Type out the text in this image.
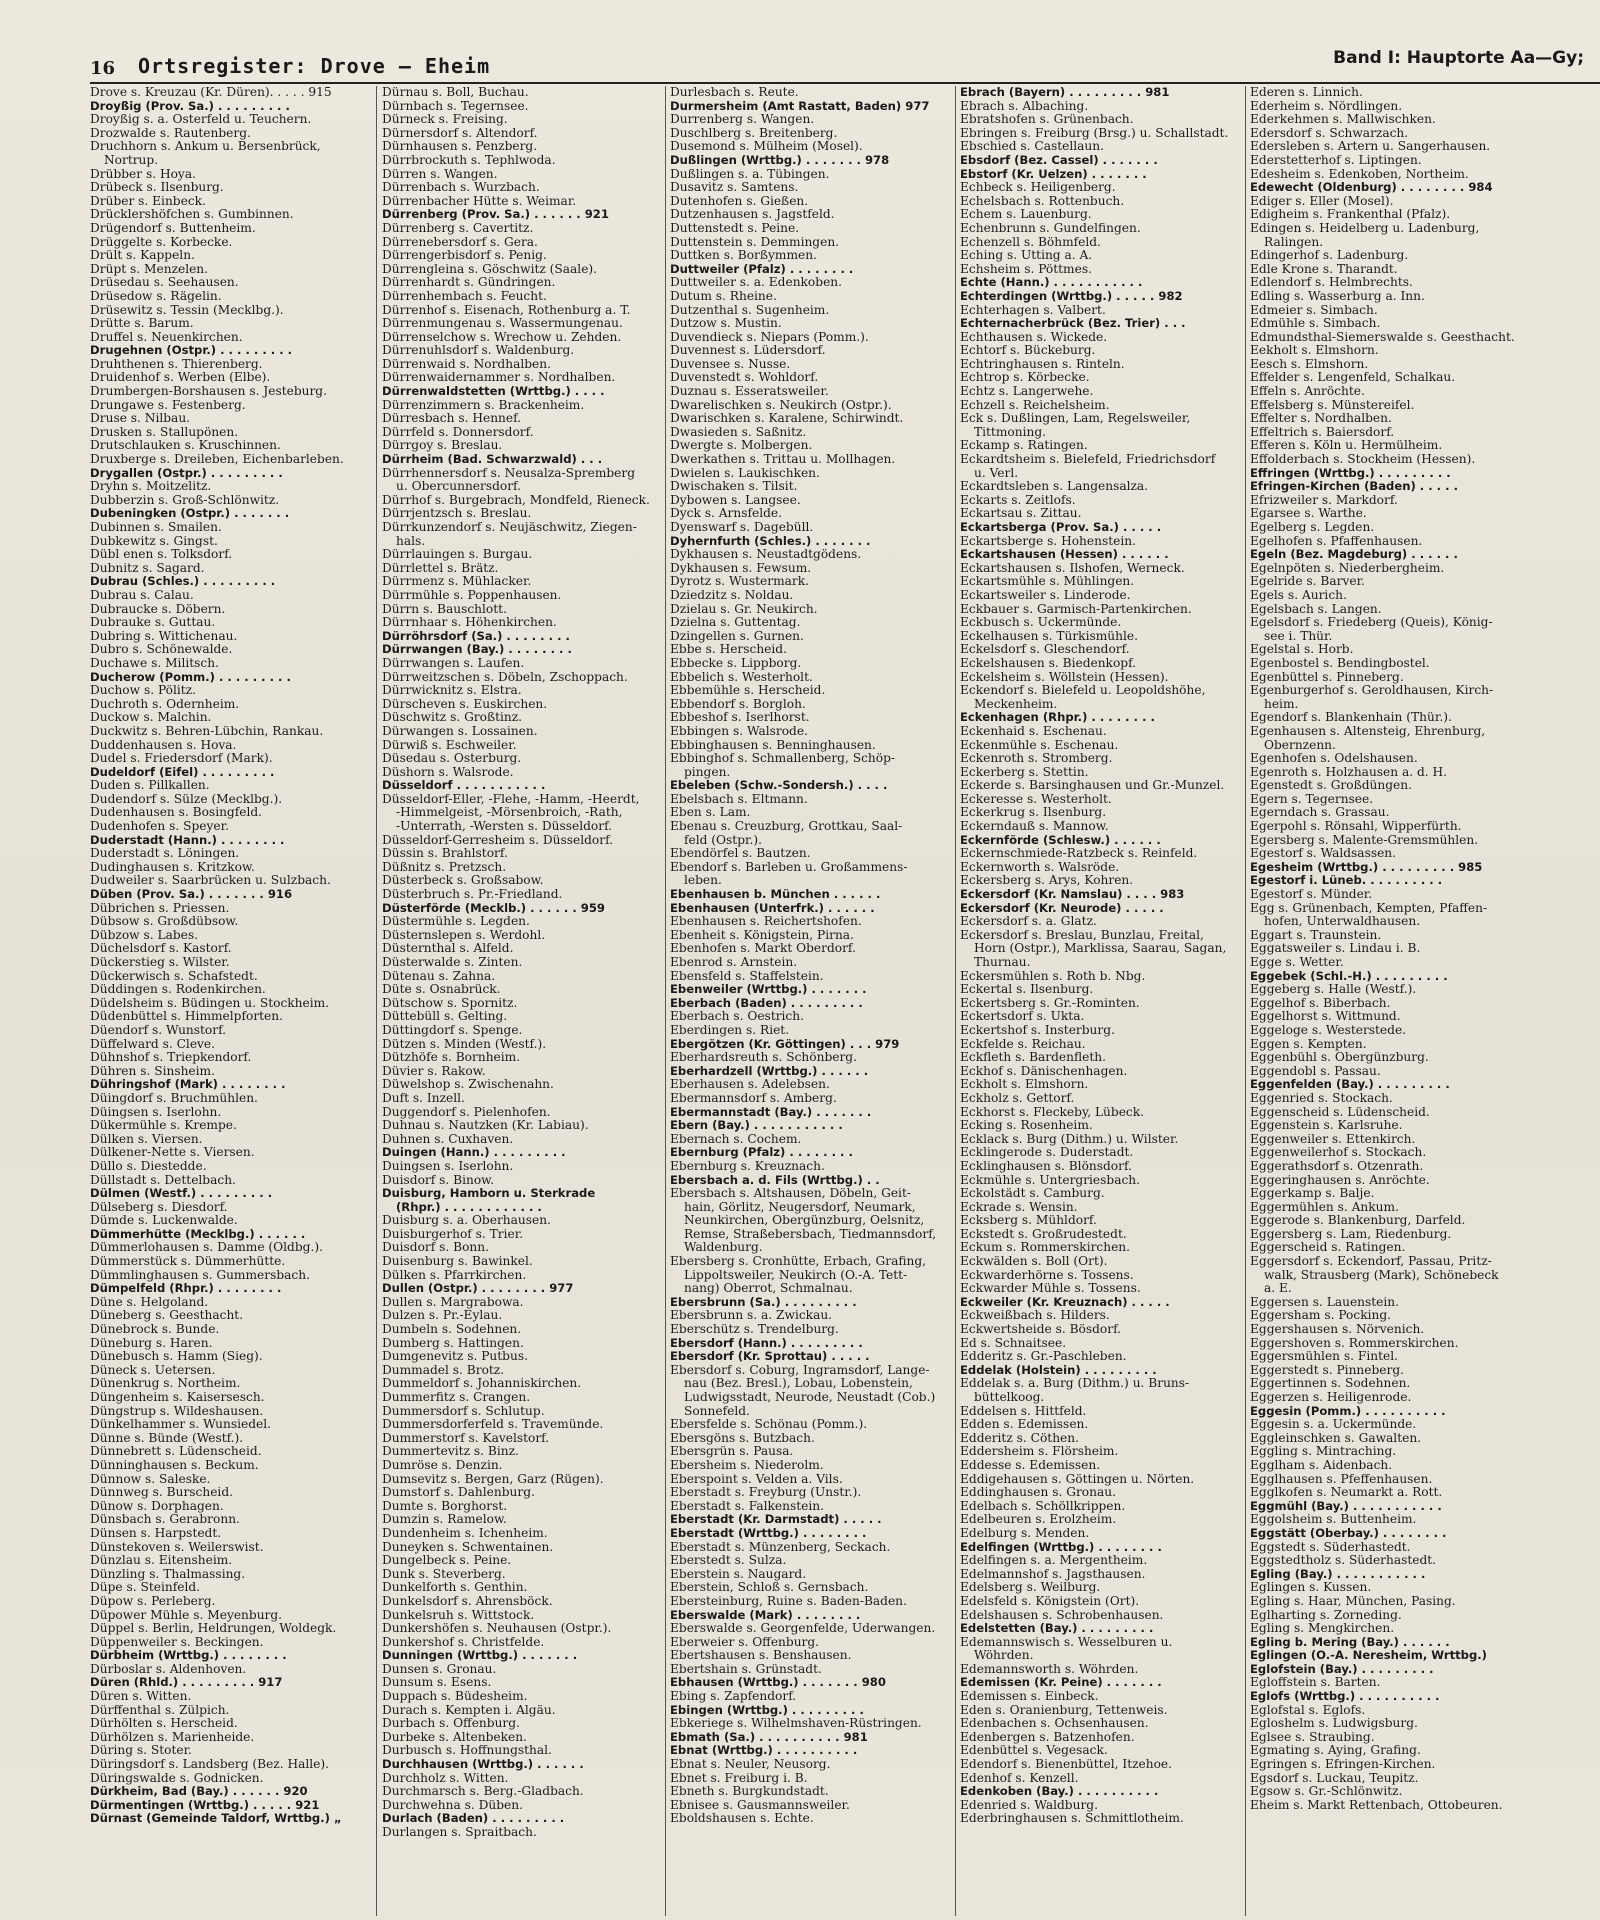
16 Ortsregister: Drove — Eheim	Band I: Hauptorte Aa—Gy;
Drove s. Kreuzau (Kr. Düren). . . . . 915
Droyßig (Prov. Sa.) . . . . . . . . .
Droyßig s. a. Osterfeld u. Teuchern.
Drozwalde s. Rautenberg.
Druchhorn s. Ankum u. Bersenbrück,
Nortrup.
Drübber s. Hoya.
Drübeck s. Ilsenburg.
Drüber s. Einbeck.
Drücklershöfchen s. Gumbinnen.
Drügendorf s. Buttenheim.
Drüggelte s. Korbecke.
Drült s. Kappeln.
Drüpt s. Menzelen.
Drüsedau s. Seehausen.
Drüsedow s. Rägelin.
Drüsewitz s. Tessin (Mecklbg.).
Drütte s. Barum.
Druffel s. Neuenkirchen.
Drugehnen (Ostpr.) . . . . . . . . .
Druhthenen s. Thierenberg.
Druidenhof s. Werben (Elbe).
Drumbergen-Borshausen s. Jesteburg.
Drungawe s. Festenberg.
Druse s. Nilbau.
Drusken s. Stallupönen.
Drutschlauken s. Kruschinnen.
Druxberge s. Dreileben, Eichenbarleben.
Drygallen (Ostpr.) . . . . . . . . .
Dryhn s. Moitzelitz.
Dubberzin s. Groß-Schlönwitz.
Dubeningken (Ostpr.) . . . . . . .
Dubinnen s. Smailen.
Dubkewitz s. Gingst.
Dübl enen s. Tolksdorf.
Dubnitz s. Sagard.
Dubrau (Schles.) . . . . . . . . .
Dubrau s. Calau.
Dubraucke s. Döbern.
Dubrauke s. Guttau.
Dubring s. Wittichenau.
Dubro s. Schönewalde.
Duchawe s. Militsch.
Ducherow (Pomm.) . . . . . . . . .
Duchow s. Pölitz.
Duchroth s. Odernheim.
Duckow s. Malchin.
Duckwitz s. Behren-Lübchin, Rankau.
Duddenhausen s. Hova.
Dudel s. Friedersdorf (Mark).
Dudeldorf (Eifel) . . . . . . . . .
Duden s. Pillkallen.
Dudendorf s. Sülze (Mecklbg.).
Dudenhausen s. Bosingfeld.
Dudenhofen s. Speyer.
Duderstadt (Hann.) . . . . . . . .
Duderstadt s. Löningen.
Dudinghausen s. Kritzkow.
Dudweiler s. Saarbrücken u. Sulzbach.
Düben (Prov. Sa.) . . . . . . . 916
Dübrichen s. Priessen.
Dübsow s. Großdübsow.
Dübzow s. Labes.
Düchelsdorf s. Kastorf.
Dückerstieg s. Wilster.
Dückerwisch s. Schafstedt.
Düddingen s. Rodenkirchen.
Düdelsheim s. Büdingen u. Stockheim.
Düdenbüttel s. Himmelpforten.
Düendorf s. Wunstorf.
Düffelward s. Cleve.
Dühnshof s. Triepkendorf.
Dühren s. Sinsheim.
Dühringshof (Mark) . . . . . . . .
Düingdorf s. Bruchmühlen.
Düingsen s. Iserlohn.
Dükermühle s. Krempe.
Dülken s. Viersen.
Dülkener-Nette s. Viersen.
Düllo s. Diestedde.
Düllstadt s. Dettelbach.
Dülmen (Westf.) . . . . . . . . .
Dülseberg s. Diesdorf.
Dümde s. Luckenwalde.
Dümmerhütte (Mecklbg.) . . . . . .
Dümmerlohausen s. Damme (Oldbg.).
Dümmerstück s. Dümmerhütte.
Dümmlinghausen s. Gummersbach.
Dümpelfeld (Rhpr.) . . . . . . . .
Düne s. Helgoland.
Düneberg s. Geesthacht.
Dünebrock s. Bunde.
Düneburg s. Haren.
Dünebusch s. Hamm (Sieg).
Düneck s. Uetersen.
Dünenkrug s. Northeim.
Düngenheim s. Kaisersesch.
Düngstrup s. Wildeshausen.
Dünkelhammer s. Wunsiedel.
Dünne s. Bünde (Westf.).
Dünnebrett s. Lüdenscheid.
Dünninghausen s. Beckum.
Dünnow s. Saleske.
Dünnweg s. Burscheid.
Dünow s. Dorphagen.
Dünsbach s. Gerabronn.
Dünsen s. Harpstedt.
Dünstekoven s. Weilerswist.
Dünzlau s. Eitensheim.
Dünzling s. Thalmassing.
Düpe s. Steinfeld.
Düpow s. Perleberg.
Düpower Mühle s. Meyenburg.
Düppel s. Berlin, Heldrungen, Woldegk.
Düppenweiler s. Beckingen.
Dürbheim (Wrttbg.) . . . . . . . .
Dürboslar s. Aldenhoven.
Düren (Rhld.) . . . . . . . . . 917
Düren s. Witten.
Dürffenthal s. Zülpich.
Dürhölten s. Herscheid.
Dürhölzen s. Marienheide.
Düring s. Stoter.
Düringsdorf s. Landsberg (Bez. Halle).
Düringswalde s. Godnicken.
Dürkheim, Bad (Bay.) . . . . . . 920
Dürmentingen (Wrttbg.) . . . . . 921
Dürnast (Gemeinde Taldorf, Wrttbg.) „
Dürnau s. Boll, Buchau.
Dürnbach s. Tegernsee.
Dürneck s. Freising.
Dürnersdorf s. Altendorf.
Dürnhausen s. Penzberg.
Dürrbrockuth s. Tephlwoda.
Dürren s. Wangen.
Dürrenbach s. Wurzbach.
Dürrenbacher Hütte s. Weimar.
Dürrenberg (Prov. Sa.) . . . . . . 921
Dürrenberg s. Cavertitz.
Dürrenebersdorf s. Gera.
Dürrengerbisdorf s. Penig.
Dürrengleina s. Göschwitz (Saale).
Dürrenhardt s. Gündringen.
Dürrenhembach s. Feucht.
Dürrenhof s. Eisenach, Rothenburg a. T.
Dürrenmungenau s. Wassermungenau.
Dürrenselchow s. Wrechow u. Zehden.
Dürrenuhlsdorf s. Waldenburg.
Dürrenwaid s. Nordhalben.
Dürrenwaidernammer s. Nordhalben.
Dürrenwaldstetten (Wrttbg.) . . . .
Dürrenzimmern s. Brackenheim.
Dürresbach s. Hennef.
Dürrfeld s. Donnersdorf.
Dürrgoy s. Breslau.
Dürrheim (Bad. Schwarzwald) . . .
Dürrhennersdorf s. Neusalza-Spremberg
u. Obercunnersdorf.
Dürrhof s. Burgebrach, Mondfeld, Rieneck.
Dürrjentzsch s. Breslau.
Dürrkunzendorf s. Neujäschwitz, Ziegen-
hals.
Dürrlauingen s. Burgau.
Dürrlettel s. Brätz.
Dürrmenz s. Mühlacker.
Dürrmühle s. Poppenhausen.
Dürrn s. Bauschlott.
Dürrnhaar s. Höhenkirchen.
Dürröhrsdorf (Sa.) . . . . . . . .
Dürrwangen (Bay.) . . . . . . . .
Dürrwangen s. Laufen.
Dürrweitzschen s. Döbeln, Zschoppach.
Dürrwicknitz s. Elstra.
Dürscheven s. Euskirchen.
Düschwitz s. Großtinz.
Dürwangen s. Lossainen.
Dürwiß s. Eschweiler.
Düsedau s. Osterburg.
Düshorn s. Walsrode.
Düsseldorf . . . . . . . . . . .
Düsseldorf-Eller, -Flehe, -Hamm, -Heerdt,
-Himmelgeist, -Mörsenbroich, -Rath,
-Unterrath, -Wersten s. Düsseldorf.
Düsseldorf-Gerresheim s. Düsseldorf.
Düssin s. Brahlstorf.
Düßnitz s. Pretzsch.
Düsterbeck s. Großsabow.
Düsterbruch s. Pr.-Friedland.
Düsterförde (Mecklb.) . . . . . . 959
Düstermühle s. Legden.
Düsternslepen s. Werdohl.
Düsternthal s. Alfeld.
Düsterwalde s. Zinten.
Dütenau s. Zahna.
Düte s. Osnabrück.
Dütschow s. Spornitz.
Düttebüll s. Gelting.
Düttingdorf s. Spenge.
Dützen s. Minden (Westf.).
Dützhöfe s. Bornheim.
Düvier s. Rakow.
Düwelshop s. Zwischenahn.
Duft s. Inzell.
Duggendorf s. Pielenhofen.
Duhnau s. Nautzken (Kr. Labiau).
Duhnen s. Cuxhaven.
Duingen (Hann.) . . . . . . . . .
Duingsen s. Iserlohn.
Duisdorf s. Binow.
Duisburg, Hamborn u. Sterkrade
(Rhpr.) . . . . . . . . . . . .
Duisburg s. a. Oberhausen.
Duisburgerhof s. Trier.
Duisdorf s. Bonn.
Duisenburg s. Bawinkel.
Dülken s. Pfarrkirchen.
Dullen (Ostpr.) . . . . . . . . 977
Dullen s. Margrabowa.
Dulzen s. Pr.-Eylau.
Dumbeln s. Sodehnen.
Dumberg s. Hattingen.
Dumgenevitz s. Putbus.
Dummadel s. Brotz.
Dummeldorf s. Johanniskirchen.
Dummerfitz s. Crangen.
Dummersdorf s. Schlutup.
Dummersdorferfeld s. Travemünde.
Dummerstorf s. Kavelstorf.
Dummertevitz s. Binz.
Dumröse s. Denzin.
Dumsevitz s. Bergen, Garz (Rügen).
Dumstorf s. Dahlenburg.
Dumte s. Borghorst.
Dumzin s. Ramelow.
Dundenheim s. Ichenheim.
Duneyken s. Schwentainen.
Dungelbeck s. Peine.
Dunk s. Steverberg.
Dunkelforth s. Genthin.
Dunkelsdorf s. Ahrensböck.
Dunkelsruh s. Wittstock.
Dunkershöfen s. Neuhausen (Ostpr.).
Dunkershof s. Christfelde.
Dunningen (Wrttbg.) . . . . . . .
Dunsen s. Gronau.
Dunsum s. Esens.
Duppach s. Büdesheim.
Durach s. Kempten i. Algäu.
Durbach s. Offenburg.
Durbeke s. Altenbeken.
Durbusch s. Hoffnungsthal.
Durchhausen (Wrttbg.) . . . . . .
Durchholz s. Witten.
Durchmarsch s. Berg.-Gladbach.
Durchwehna s. Düben.
Durlach (Baden) . . . . . . . . .
Durlangen s. Spraitbach.
Durlesbach s. Reute.
Durmersheim (Amt Rastatt, Baden) 977
Durrenberg s. Wangen.
Duschlberg s. Breitenberg.
Dusemond s. Mülheim (Mosel).
Dußlingen (Wrttbg.) . . . . . . . 978
Dußlingen s. a. Tübingen.
Dusavitz s. Samtens.
Dutenhofen s. Gießen.
Dutzenhausen s. Jagstfeld.
Duttenstedt s. Peine.
Duttenstein s. Demmingen.
Duttken s. Borßymmen.
Duttweiler (Pfalz) . . . . . . . .
Duttweiler s. a. Edenkoben.
Dutum s. Rheine.
Dutzenthal s. Sugenheim.
Dutzow s. Mustin.
Duvendieck s. Niepars (Pomm.).
Duvennest s. Lüdersdorf.
Duvensee s. Nusse.
Duvenstedt s. Wohldorf.
Duznau s. Esseratsweiler.
Dwarelischken s. Neukirch (Ostpr.).
Dwarischken s. Karalene, Schirwindt.
Dwasieden s. Saßnitz.
Dwergte s. Molbergen.
Dwerkathen s. Trittau u. Mollhagen.
Dwielen s. Laukischken.
Dwischaken s. Tilsit.
Dybowen s. Langsee.
Dyck s. Arnsfelde.
Dyenswarf s. Dagebüll.
Dyhernfurth (Schles.) . . . . . . .
Dykhausen s. Neustadtgödens.
Dykhausen s. Fewsum.
Dyrotz s. Wustermark.
Dziedzitz s. Noldau.
Dzielau s. Gr. Neukirch.
Dzielna s. Guttentag.
Dzingellen s. Gurnen.
Ebbe s. Herscheid.
Ebbecke s. Lippborg.
Ebbelich s. Westerholt.
Ebbemühle s. Herscheid.
Ebbendorf s. Borgloh.
Ebbeshof s. Iserlhorst.
Ebbingen s. Walsrode.
Ebbinghausen s. Benninghausen.
Ebbinghof s. Schmallenberg, Schöp-
pingen.
Ebeleben (Schw.-Sondersh.) . . . .
Ebelsbach s. Eltmann.
Eben s. Lam.
Ebenau s. Creuzburg, Grottkau, Saal-
feld (Ostpr.).
Ebendörfel s. Bautzen.
Ebendorf s. Barleben u. Großammens-
leben.
Ebenhausen b. München . . . . . .
Ebenhausen (Unterfrk.) . . . . . .
Ebenhausen s. Reichertshofen.
Ebenheit s. Königstein, Pirna.
Ebenhofen s. Markt Oberdorf.
Ebenrod s. Arnstein.
Ebensfeld s. Staffelstein.
Ebenweiler (Wrttbg.) . . . . . . .
Eberbach (Baden) . . . . . . . . .
Eberbach s. Oestrich.
Eberdingen s. Riet.
Ebergötzen (Kr. Göttingen) . . . 979
Eberhardsreuth s. Schönberg.
Eberhardzell (Wrttbg.) . . . . . .
Eberhausen s. Adelebsen.
Ebermannsdorf s. Amberg.
Ebermannstadt (Bay.) . . . . . . .
Ebern (Bay.) . . . . . . . . . . .
Ebernach s. Cochem.
Ebernburg (Pfalz) . . . . . . . .
Ebernburg s. Kreuznach.
Ebersbach a. d. Fils (Wrttbg.) . .
Ebersbach s. Altshausen, Döbeln, Geit-
hain, Görlitz, Neugersdorf, Neumark,
Neunkirchen, Obergünzburg, Oelsnitz,
Remse, Straßebersbach, Tiedmannsdorf,
Waldenburg.
Ebersberg s. Cronhütte, Erbach, Grafing,
Lippoltsweiler, Neukirch (O.-A. Tett-
nang) Oberrot, Schmalnau.
Ebersbrunn (Sa.) . . . . . . . . .
Ebersbrunn s. a. Zwickau.
Eberschütz s. Trendelburg.
Ebersdorf (Hann.) . . . . . . . . .
Ebersdorf (Kr. Sprottau) . . . . .
Ebersdorf s. Coburg, Ingramsdorf, Lange-
nau (Bez. Bresl.), Lobau, Lobenstein,
Ludwigsstadt, Neurode, Neustadt (Cob.)
Sonnefeld.
Ebersfelde s. Schönau (Pomm.).
Ebersgöns s. Butzbach.
Ebersgrün s. Pausa.
Ebersheim s. Niederolm.
Eberspoint s. Velden a. Vils.
Eberstadt s. Freyburg (Unstr.).
Eberstadt s. Falkenstein.
Eberstadt (Kr. Darmstadt) . . . . .
Eberstadt (Wrttbg.) . . . . . . . .
Eberstadt s. Münzenberg, Seckach.
Eberstedt s. Sulza.
Eberstein s. Naugard.
Eberstein, Schloß s. Gernsbach.
Ebersteinburg, Ruine s. Baden-Baden.
Eberswalde (Mark) . . . . . . . .
Eberswalde s. Georgenfelde, Uderwangen.
Eberweier s. Offenburg.
Ebertshausen s. Benshausen.
Ebertshain s. Grünstadt.
Ebhausen (Wrttbg.) . . . . . . . 980
Ebing s. Zapfendorf.
Ebingen (Wrttbg.) . . . . . . . . .
Ebkeriege s. Wilhelmshaven-Rüstringen.
Ebmath (Sa.) . . . . . . . . . . 981
Ebnat (Wrttbg.) . . . . . . . . . .
Ebnat s. Neuler, Neusorg.
Ebnet s. Freiburg i. B.
Ebneth s. Burgkundstadt.
Ebnisee s. Gausmannsweiler.
Eboldshausen s. Echte.
Ebrach (Bayern) . . . . . . . . . 981
Ebrach s. Albaching.
Ebratshofen s. Grünenbach.
Ebringen s. Freiburg (Brsg.) u. Schallstadt.
Ebschied s. Castellaun.
Ebsdorf (Bez. Cassel) . . . . . . .
Ebstorf (Kr. Uelzen) . . . . . . .
Echbeck s. Heiligenberg.
Echelsbach s. Rottenbuch.
Echem s. Lauenburg.
Echenbrunn s. Gundelfingen.
Echenzell s. Böhmfeld.
Eching s. Utting a. A.
Echsheim s. Pöttmes.
Echte (Hann.) . . . . . . . . . . .
Echterdingen (Wrttbg.) . . . . . 982
Echterhagen s. Valbert.
Echternacherbrück (Bez. Trier) . . .
Echthausen s. Wickede.
Echtorf s. Bückeburg.
Echtringhausen s. Rinteln.
Echtrop s. Körbecke.
Echtz s. Langerwehe.
Echzell s. Reichelsheim.
Eck s. Dußlingen, Lam, Regelsweiler,
Tittmoning.
Eckamp s. Ratingen.
Eckardtsheim s. Bielefeld, Friedrichsdorf
u. Verl.
Eckardtsleben s. Langensalza.
Eckarts s. Zeitlofs.
Eckartsau s. Zittau.
Eckartsberga (Prov. Sa.) . . . . .
Eckartsberge s. Hohenstein.
Eckartshausen (Hessen) . . . . . .
Eckartshausen s. Ilshofen, Werneck.
Eckartsmühle s. Mühlingen.
Eckartsweiler s. Linderode.
Eckbauer s. Garmisch-Partenkirchen.
Eckbusch s. Uckermünde.
Eckelhausen s. Türkismühle.
Eckelsdorf s. Gleschendorf.
Eckelshausen s. Biedenkopf.
Eckelsheim s. Wöllstein (Hessen).
Eckendorf s. Bielefeld u. Leopoldshöhe,
Meckenheim.
Eckenhagen (Rhpr.) . . . . . . . .
Eckenhaid s. Eschenau.
Eckenmühle s. Eschenau.
Eckenroth s. Stromberg.
Eckerberg s. Stettin.
Eckerde s. Barsinghausen und Gr.-Munzel.
Eckeresse s. Westerholt.
Eckerkrug s. Ilsenburg.
Eckerndauß s. Mannow.
Eckernförde (Schlesw.) . . . . . .
Eckernschmiede-Ratzbeck s. Reinfeld.
Eckernworth s. Walsröde.
Eckersberg s. Arys, Kohren.
Eckersdorf (Kr. Namslau) . . . . 983
Eckersdorf (Kr. Neurode) . . . . .
Eckersdorf s. a. Glatz.
Eckersdorf s. Breslau, Bunzlau, Freital,
Horn (Ostpr.), Marklissa, Saarau, Sagan,
Thurnau.
Eckersmühlen s. Roth b. Nbg.
Eckertal s. Ilsenburg.
Eckertsberg s. Gr.-Rominten.
Eckertsdorf s. Ukta.
Eckertshof s. Insterburg.
Eckfelde s. Reichau.
Eckfleth s. Bardenfleth.
Eckhof s. Dänischenhagen.
Eckholt s. Elmshorn.
Eckholz s. Gettorf.
Eckhorst s. Fleckeby, Lübeck.
Ecking s. Rosenheim.
Ecklack s. Burg (Dithm.) u. Wilster.
Ecklingerode s. Duderstadt.
Ecklinghausen s. Blönsdorf.
Eckmühle s. Untergriesbach.
Eckolstädt s. Camburg.
Eckrade s. Wensin.
Ecksberg s. Mühldorf.
Eckstedt s. Großrudestedt.
Eckum s. Rommerskirchen.
Eckwälden s. Boll (Ort).
Eckwarderhörne s. Tossens.
Eckwarder Mühle s. Tossens.
Eckweiler (Kr. Kreuznach) . . . . .
Eckweißbach s. Hilders.
Eckwertsheide s. Bösdorf.
Ed s. Schnaitsee.
Edderitz s. Gr.-Paschleben.
Eddelak (Holstein) . . . . . . . . .
Eddelak s. a. Burg (Dithm.) u. Bruns-
büttelkoog.
Eddelsen s. Hittfeld.
Edden s. Edemissen.
Edderitz s. Cöthen.
Eddersheim s. Flörsheim.
Eddesse s. Edemissen.
Eddigehausen s. Göttingen u. Nörten.
Eddinghausen s. Gronau.
Edelbach s. Schöllkrippen.
Edelbeuren s. Erolzheim.
Edelburg s. Menden.
Edelfingen (Wrttbg.) . . . . . . . .
Edelfingen s. a. Mergentheim.
Edelmannshof s. Jagsthausen.
Edelsberg s. Weilburg.
Edelsfeld s. Königstein (Ort).
Edelshausen s. Schrobenhausen.
Edelstetten (Bay.) . . . . . . . . .
Edemannswisch s. Wesselburen u.
Wöhrden.
Edemannsworth s. Wöhrden.
Edemissen (Kr. Peine) . . . . . . .
Edemissen s. Einbeck.
Eden s. Oranienburg, Tettenweis.
Edenbachen s. Ochsenhausen.
Edenbergen s. Batzenhofen.
Edenbüttel s. Vegesack.
Edendorf s. Bienenbüttel, Itzehoe.
Edenhof s. Kenzell.
Edenkoben (Bay.) . . . . . . . . . .
Edenried s. Waldburg.
Ederbringhausen s. Schmittlotheim.
Ederen s. Linnich.
Ederheim s. Nördlingen.
Ederkehmen s. Mallwischken.
Edersdorf s. Schwarzach.
Edersleben s. Artern u. Sangerhausen.
Ederstetterhof s. Liptingen.
Edesheim s. Edenkoben, Northeim.
Edewecht (Oldenburg) . . . . . . . . 984
Ediger s. Eller (Mosel).
Edigheim s. Frankenthal (Pfalz).
Edingen s. Heidelberg u. Ladenburg,
Ralingen.
Edingerhof s. Ladenburg.
Edle Krone s. Tharandt.
Edlendorf s. Helmbrechts.
Edling s. Wasserburg a. Inn.
Edmeier s. Simbach.
Edmühle s. Simbach.
Edmundsthal-Siemerswalde s. Geesthacht.
Eekholt s. Elmshorn.
Eesch s. Elmshorn.
Effelder s. Lengenfeld, Schalkau.
Effeln s. Anröchte.
Effelsberg s. Münstereifel.
Effelter s. Nordhalben.
Effeltrich s. Baiersdorf.
Efferen s. Köln u. Hermülheim.
Effolderbach s. Stockheim (Hessen).
Effringen (Wrttbg.) . . . . . . . . .
Efringen-Kirchen (Baden) . . . . .
Efrizweiler s. Markdorf.
Egarsee s. Warthe.
Egelberg s. Legden.
Egelhofen s. Pfaffenhausen.
Egeln (Bez. Magdeburg) . . . . . .
Egelnpöten s. Niederbergheim.
Egelride s. Barver.
Egels s. Aurich.
Egelsbach s. Langen.
Egelsdorf s. Friedeberg (Queis), König-
see i. Thür.
Egelstal s. Horb.
Egenbostel s. Bendingbostel.
Egenbüttel s. Pinneberg.
Egenburgerhof s. Geroldhausen, Kirch-
heim.
Egendorf s. Blankenhain (Thür.).
Egenhausen s. Altensteig, Ehrenburg,
Obernzenn.
Egenhofen s. Odelshausen.
Egenroth s. Holzhausen a. d. H.
Egenstedt s. Großdüngen.
Egern s. Tegernsee.
Egerndach s. Grassau.
Egerpohl s. Rönsahl, Wipperfürth.
Egersberg s. Malente-Gremsmühlen.
Egestorf s. Waldsassen.
Egesheim (Wrttbg.) . . . . . . . . . 985
Egestorf i. Lüneb. . . . . . . . . .
Egestorf s. Münder.
Egg s. Grünenbach, Kempten, Pfaffen-
hofen, Unterwaldhausen.
Eggart s. Traunstein.
Eggatsweiler s. Lindau i. B.
Egge s. Wetter.
Eggebek (Schl.-H.) . . . . . . . . .
Eggeberg s. Halle (Westf.).
Eggelhof s. Biberbach.
Eggelhorst s. Wittmund.
Eggeloge s. Westerstede.
Eggen s. Kempten.
Eggenbühl s. Obergünzburg.
Eggendobl s. Passau.
Eggenfelden (Bay.) . . . . . . . . .
Eggenried s. Stockach.
Eggenscheid s. Lüdenscheid.
Eggenstein s. Karlsruhe.
Eggenweiler s. Ettenkirch.
Eggenweilerhof s. Stockach.
Eggerathsdorf s. Otzenrath.
Eggeringhausen s. Anröchte.
Eggerkamp s. Balje.
Eggermühlen s. Ankum.
Eggerode s. Blankenburg, Darfeld.
Eggersberg s. Lam, Riedenburg.
Eggerscheid s. Ratingen.
Eggersdorf s. Eckendorf, Passau, Pritz-
walk, Strausberg (Mark), Schönebeck
a. E.
Eggersen s. Lauenstein.
Eggersham s. Pocking.
Eggershausen s. Nörvenich.
Eggershoven s. Rommerskirchen.
Eggersmühlen s. Fintel.
Eggerstedt s. Pinneberg.
Eggertinnen s. Sodehnen.
Eggerzen s. Heiligenrode.
Eggesin (Pomm.) . . . . . . . . . .
Eggesin s. a. Uckermünde.
Eggleinschken s. Gawalten.
Eggling s. Mintraching.
Egglham s. Aidenbach.
Egglhausen s. Pfeffenhausen.
Egglkofen s. Neumarkt a. Rott.
Eggmühl (Bay.) . . . . . . . . . . .
Eggolsheim s. Buttenheim.
Eggstätt (Oberbay.) . . . . . . . .
Eggstedt s. Süderhastedt.
Eggstedtholz s. Süderhastedt.
Egling (Bay.) . . . . . . . . . . .
Eglingen s. Kussen.
Egling s. Haar, München, Pasing.
Eglharting s. Zorneding.
Egling s. Mengkirchen.
Egling b. Mering (Bay.) . . . . . .
Eglingen (O.-A. Neresheim, Wrttbg.)
Eglofstein (Bay.) . . . . . . . . .
Egloffstein s. Barten.
Eglofs (Wrttbg.) . . . . . . . . . .
Eglofstal s. Eglofs.
Egloshelm s. Ludwigsburg.
Eglsee s. Straubing.
Egmating s. Aying, Grafing.
Egringen s. Efringen-Kirchen.
Egsdorf s. Luckau, Teupitz.
Egsow s. Gr.-Schlönwitz.
Eheim s. Markt Rettenbach, Ottobeuren.
